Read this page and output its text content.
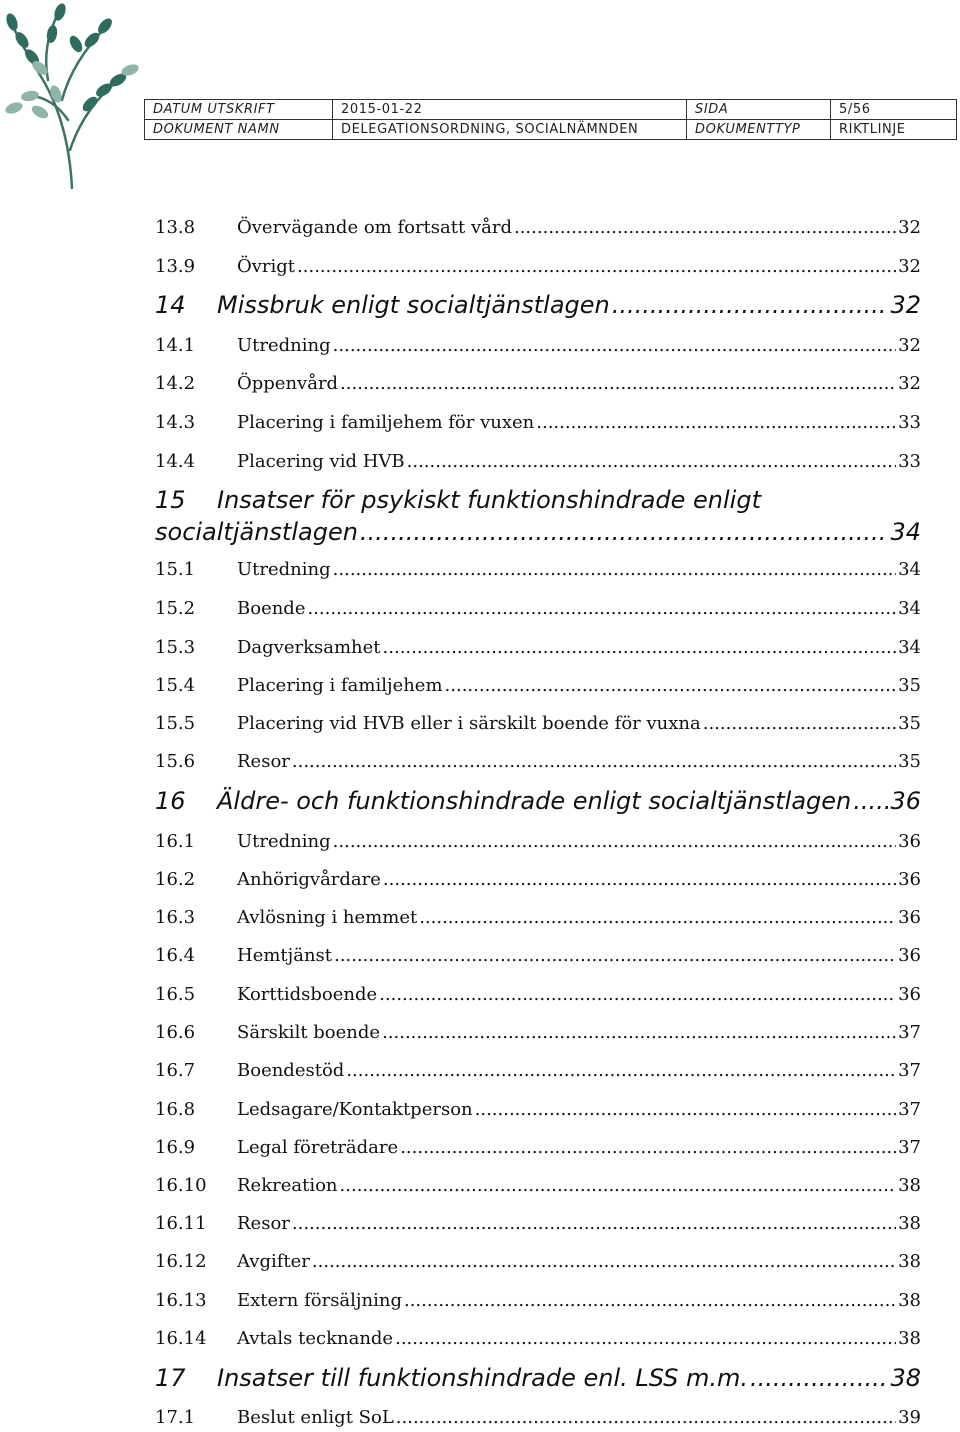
DATUM UTSKRIFT	2015-01-22	SIDA	5/56
DOKUMENT NAMN	DELEGATIONSORDNING, SOCIALNÄMNDEN	DOKUMENTTYP	RIKTLINJE
13.8	Övervägande om fortsatt vård .....	32
13.9	Övrigt .....	32
14	Missbruk enligt socialtjänstlagen .....	32
14.1	Utredning .....	32
14.2	Öppenvård .....	32
14.3	Placering i familjehem för vuxen .....	33
14.4	Placering vid HVB .....	33
15 Insatser för psykiskt funktionshindrade enligt
socialtjänstlagen .....	34
15.1	Utredning .....	34
15.2	Boende .....	34
15.3	Dagverksamhet .....	34
15.4	Placering i familjehem .....	35
15.5	Placering vid HVB eller i särskilt boende för vuxna .....	35
15.6	Resor .....	35
16	Äldre- och funktionshindrade enligt socialtjänstlagen ..... 36
16.1	Utredning .....	36
16.2	Anhörigvårdare .....	36
16.3	Avlösning i hemmet .....	36
16.4	Hemtjänst .....	36
16.5	Korttidsboende .....	36
16.6	Särskilt boende .....	37
16.7	Boendestöd .....	37
16.8	Ledsagare/Kontaktperson .....	37
16.9	Legal företrädare .....	37
16.10	Rekreation .....	38
16.11	Resor .....	38
16.12	Avgifter .....	38
16.13	Extern försäljning .....	38
16.14	Avtals tecknande .....	38
17	Insatser till funktionshindrade enl. LSS m.m. .....	38
17.1	Beslut enligt SoL .....	39
